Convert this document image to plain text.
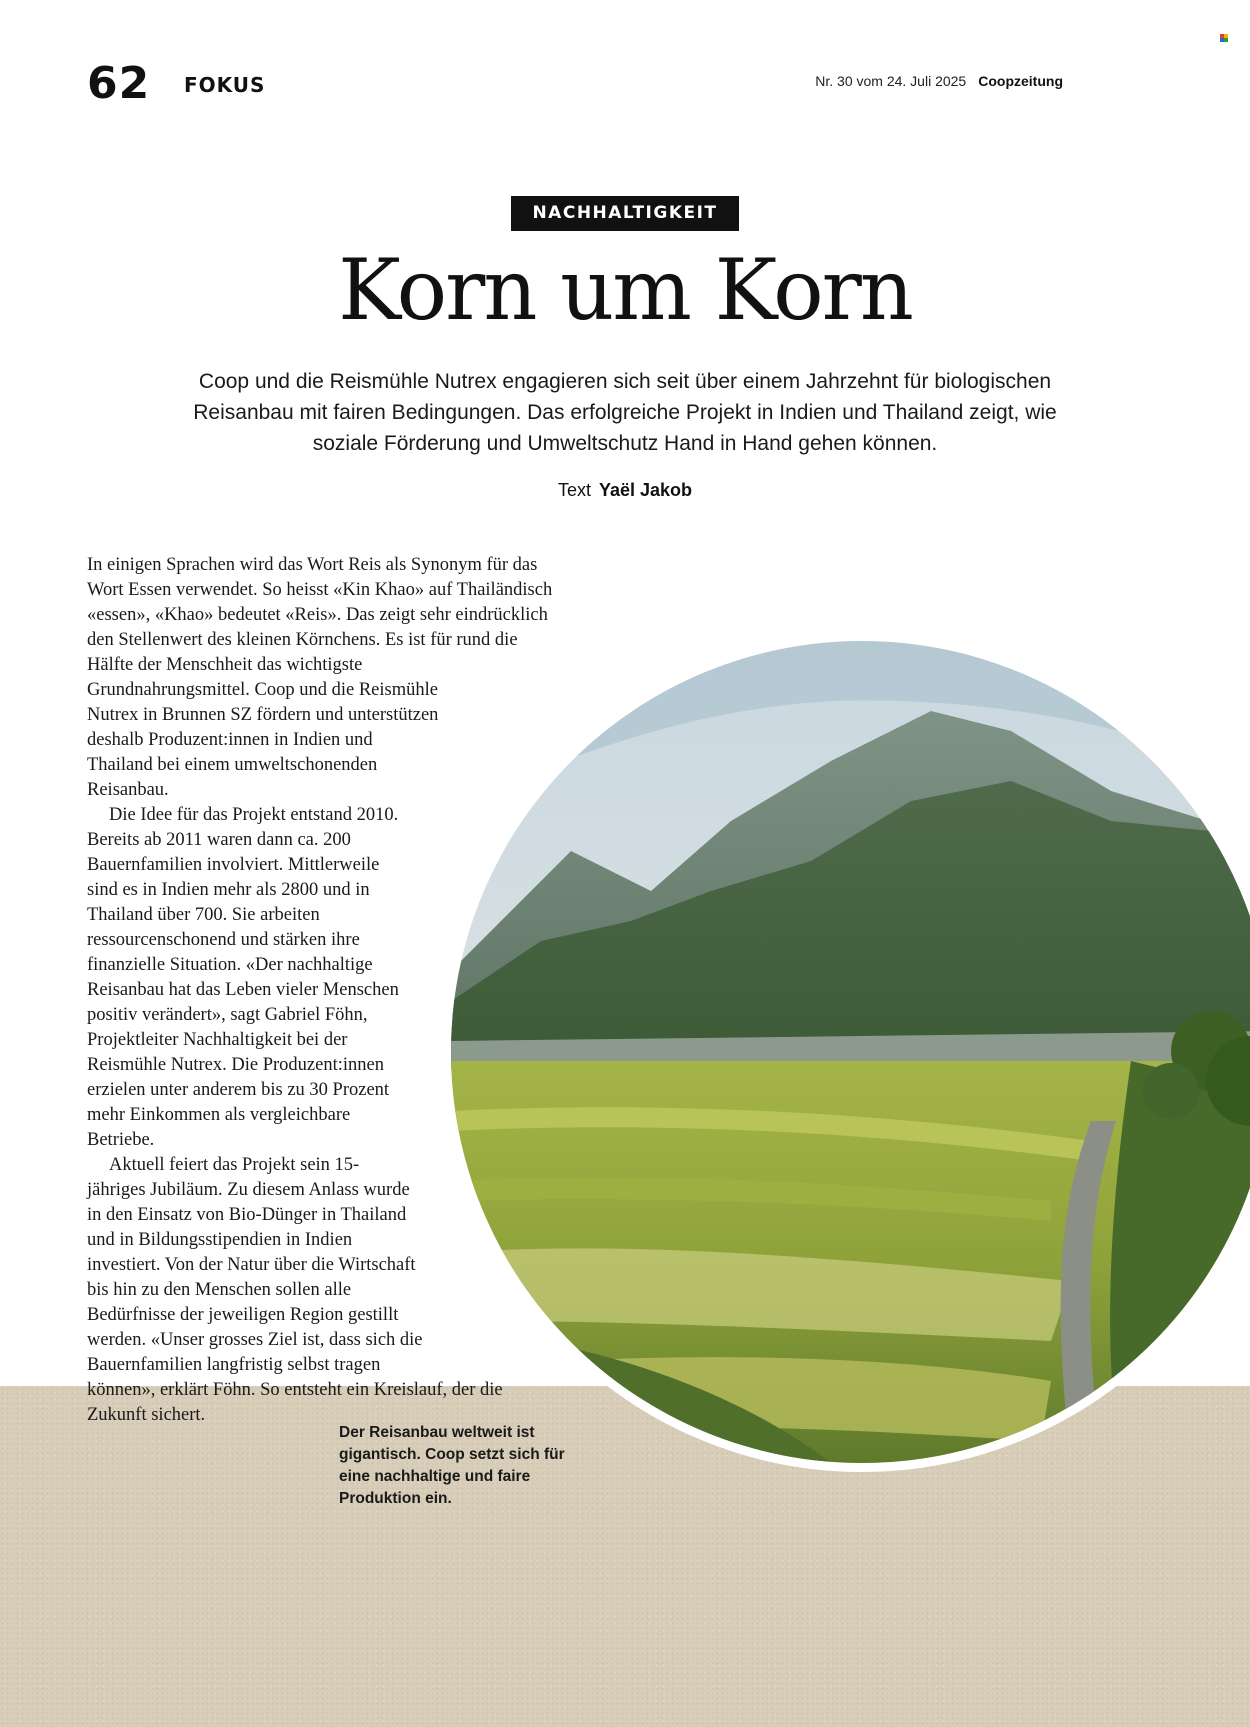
62 FOKUS	Nr. 30 vom 24. Juli 2025 Coopzeitung
NACHHALTIGKEIT
Korn um Korn

Coop und die Reismühle Nutrex engagieren sich seit über einem Jahrzehnt für biologischen Reisanbau mit fairen Bedingungen. Das erfolgreiche Projekt in Indien und Thailand zeigt, wie soziale Förderung und Umweltschutz Hand in Hand gehen können.

Text Yaël Jakob

In einigen Sprachen wird das Wort Reis als Synonym für das Wort Essen verwendet. So heisst «Kin Khao» auf Thailändisch «essen», «Khao» bedeutet «Reis». Das zeigt sehr eindrücklich den Stellenwert des kleinen Körnchens. Es ist für rund die Hälfte der Menschheit das wichtigste Grundnahrungsmittel. Coop und die Reismühle Nutrex in Brunnen SZ fördern und unterstützen deshalb Produzent:innen in Indien und Thailand bei einem umweltschonenden Reisanbau.

Die Idee für das Projekt entstand 2010. Bereits ab 2011 waren dann ca. 200 Bauernfamilien involviert. Mittlerweile sind es in Indien mehr als 2800 und in Thailand über 700. Sie arbeiten ressourcenschonend und stärken ihre finanzielle Situation. «Der nachhaltige Reisanbau hat das Leben vieler Menschen positiv verändert», sagt Gabriel Föhn, Projektleiter Nachhaltigkeit bei der Reismühle Nutrex. Die Produzent:innen erzielen unter anderem bis zu 30 Prozent mehr Einkommen als vergleichbare Betriebe.

Aktuell feiert das Projekt sein 15-jähriges Jubiläum. Zu diesem Anlass wurde in den Einsatz von Bio-Dünger in Thailand und in Bildungsstipendien in Indien investiert. Von der Natur über die Wirtschaft bis hin zu den Menschen sollen alle Bedürfnisse der jeweiligen Region gestillt werden. «Unser grosses Ziel ist, dass sich die Bauernfamilien langfristig selbst tragen können», erklärt Föhn. So entsteht ein Kreislauf, der die Zukunft sichert.

Der Reisanbau weltweit ist gigantisch. Coop setzt sich für eine nachhaltige und faire Produktion ein.
